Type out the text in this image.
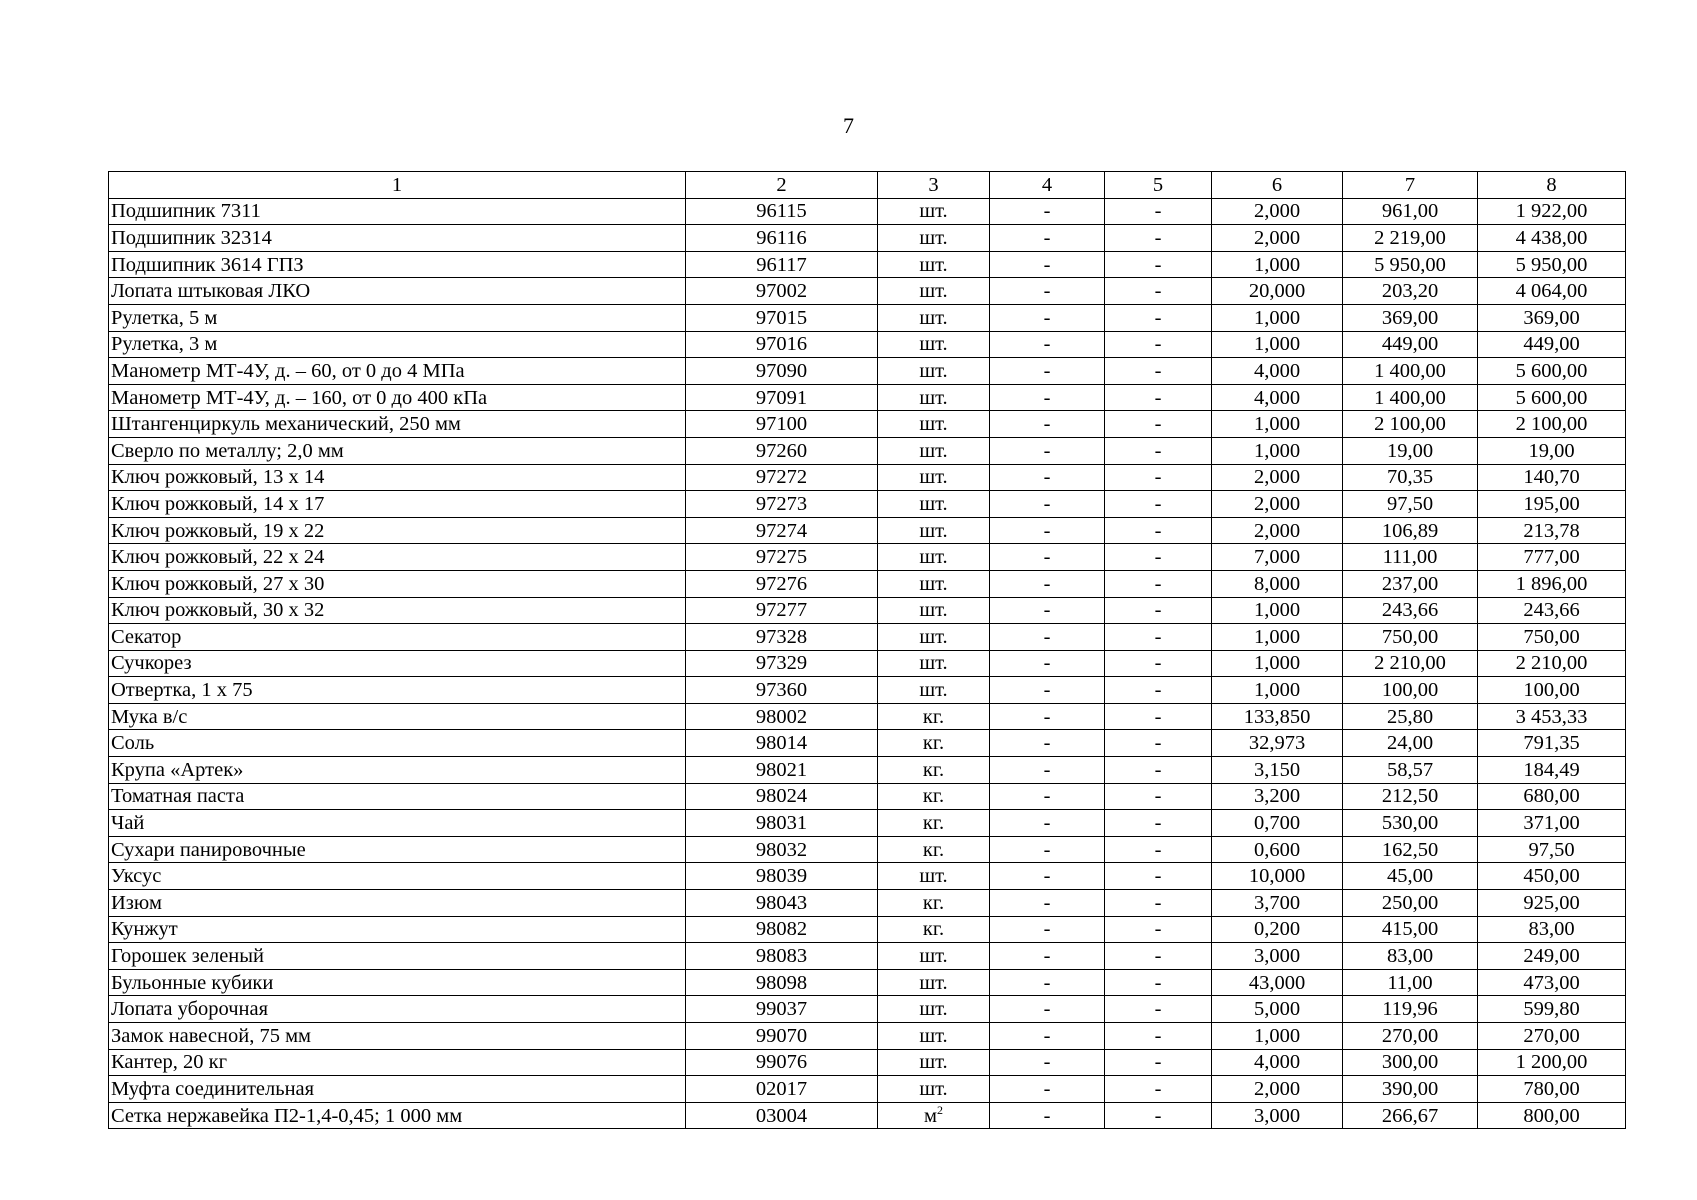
7
1	2	3	4	5	6	7	8
Подшипник 7311	96115	шт.	-	-	2,000	961,00	1 922,00
Подшипник 32314	96116	шт.	-	-	2,000	2 219,00	4 438,00
Подшипник 3614 ГПЗ	96117	шт.	-	-	1,000	5 950,00	5 950,00
Лопата штыковая ЛКО	97002	шт.	-	-	20,000	203,20	4 064,00
Рулетка, 5 м	97015	шт.	-	-	1,000	369,00	369,00
Рулетка, 3 м	97016	шт.	-	-	1,000	449,00	449,00
Манометр МТ-4У, д. – 60, от 0 до 4 МПа	97090	шт.	-	-	4,000	1 400,00	5 600,00
Манометр МТ-4У, д. – 160, от 0 до 400 кПа	97091	шт.	-	-	4,000	1 400,00	5 600,00
Штангенциркуль механический, 250 мм	97100	шт.	-	-	1,000	2 100,00	2 100,00
Сверло по металлу; 2,0 мм	97260	шт.	-	-	1,000	19,00	19,00
Ключ рожковый, 13 х 14	97272	шт.	-	-	2,000	70,35	140,70
Ключ рожковый, 14 х 17	97273	шт.	-	-	2,000	97,50	195,00
Ключ рожковый, 19 х 22	97274	шт.	-	-	2,000	106,89	213,78
Ключ рожковый, 22 х 24	97275	шт.	-	-	7,000	111,00	777,00
Ключ рожковый, 27 х 30	97276	шт.	-	-	8,000	237,00	1 896,00
Ключ рожковый, 30 х 32	97277	шт.	-	-	1,000	243,66	243,66
Секатор	97328	шт.	-	-	1,000	750,00	750,00
Сучкорез	97329	шт.	-	-	1,000	2 210,00	2 210,00
Отвертка, 1 х 75	97360	шт.	-	-	1,000	100,00	100,00
Мука в/с	98002	кг.	-	-	133,850	25,80	3 453,33
Соль	98014	кг.	-	-	32,973	24,00	791,35
Крупа «Артек»	98021	кг.	-	-	3,150	58,57	184,49
Томатная паста	98024	кг.	-	-	3,200	212,50	680,00
Чай	98031	кг.	-	-	0,700	530,00	371,00
Сухари панировочные	98032	кг.	-	-	0,600	162,50	97,50
Уксус	98039	шт.	-	-	10,000	45,00	450,00
Изюм	98043	кг.	-	-	3,700	250,00	925,00
Кунжут	98082	кг.	-	-	0,200	415,00	83,00
Горошек зеленый	98083	шт.	-	-	3,000	83,00	249,00
Бульонные кубики	98098	шт.	-	-	43,000	11,00	473,00
Лопата уборочная	99037	шт.	-	-	5,000	119,96	599,80
Замок навесной, 75 мм	99070	шт.	-	-	1,000	270,00	270,00
Кантер, 20 кг	99076	шт.	-	-	4,000	300,00	1 200,00
Муфта соединительная	02017	шт.	-	-	2,000	390,00	780,00
Сетка нержавейка П2-1,4-0,45; 1 000 мм	03004	$м^2$	-	-	3,000	266,67	800,00
